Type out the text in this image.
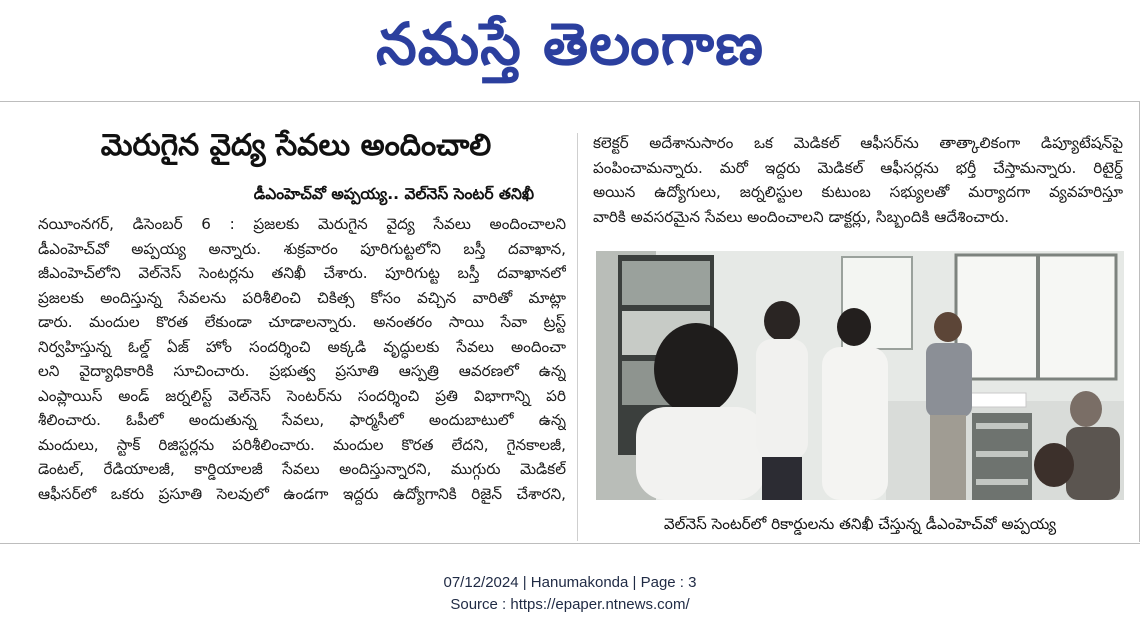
నమస్తే తెలంగాణ
మెరుగైన వైద్య సేవలు అందించాలి
డీఎంహెచ్‌వో అప్పయ్య.. వెల్‌నెస్ సెంటర్ తనిఖీ

నయీంనగర్, డిసెంబర్ 6 : ప్రజలకు మెరుగైన వైద్య సేవలు అందించాలని

డీఎంహెచ్‌వో అప్పయ్య అన్నారు. శుక్రవారం పూరిగుట్టలోని బస్తీ దవాఖాన,

జీఎంహెచ్‌లోని వెల్‌నెస్ సెంటర్లను తనిఖీ చేశారు. పూరిగుట్ట బస్తీ దవాఖానలో

ప్రజలకు అందిస్తున్న సేవలను పరిశీలించి చికిత్స కోసం వచ్చిన వారితో మాట్లా

డారు. మందుల కొరత లేకుండా చూడాలన్నారు. అనంతరం సాయి సేవా ట్రస్ట్

నిర్వహిస్తున్న ఓల్డ్ ఏజ్ హోం సందర్శించి అక్కడి వృద్ధులకు సేవలు అందించా

లని వైద్యాధికారికి సూచించారు. ప్రభుత్వ ప్రసూతి ఆస్పత్రి ఆవరణలో ఉన్న

ఎంప్లాయిస్ అండ్ జర్నలిస్ట్ వెల్‌నెస్ సెంటర్‌ను సందర్శించి ప్రతి విభాగాన్ని పరి

శీలించారు. ఓపీలో అందుతున్న సేవలు, ఫార్మసీలో అందుబాటులో ఉన్న

మందులు, స్టాక్ రిజిస్టర్లను పరిశీలించారు. మందుల కొరత లేదని, గైనకాలజీ,

డెంటల్, రేడియాలజీ, కార్డియాలజీ సేవలు అందిస్తున్నారని, ముగ్గురు మెడికల్

ఆఫీసర్‌లో ఒకరు ప్రసూతి సెలవులో ఉండగా ఇద్దరు ఉద్యోగానికి రిజైన్ చేశారని,

కలెక్టర్ అదేశానుసారం ఒక మెడికల్ ఆఫీసర్‌ను తాత్కాలికంగా డిప్యూటేషన్‌పై

పంపించామన్నారు. మరో ఇద్దరు మెడికల్ ఆఫీసర్లను భర్తీ చేస్తామన్నారు. రిటైర్డ్

అయిన ఉద్యోగులు, జర్నలిస్టుల కుటుంబ సభ్యులతో మర్యాదగా వ్యవహరిస్తూ

వారికి అవసరమైన సేవలు అందించాలని డాక్టర్లు, సిబ్బందికి ఆదేశించారు.

వెల్‌నెస్ సెంటర్‌లో రికార్డులను తనిఖీ చేస్తున్న డీఎంహెచ్‌వో అప్పయ్య
07/12/2024 | Hanumakonda | Page : 3
Source : https://epaper.ntnews.com/
